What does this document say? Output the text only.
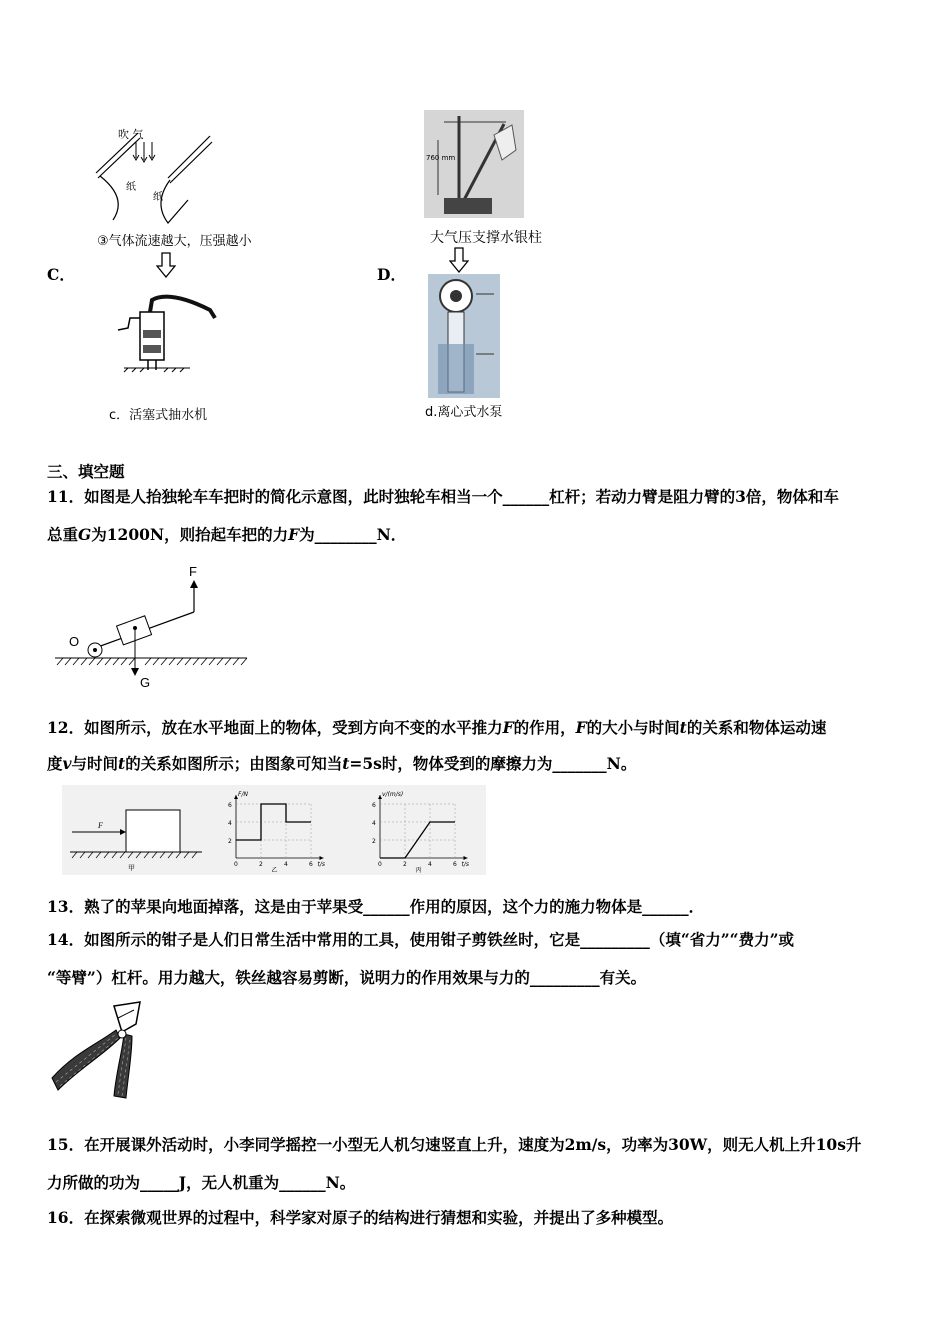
C．	D．
吹 气
纸
纸
③气体流速越大，压强越小
c．活塞式抽水机
760 mm
大气压支撑水银柱
d.离心式水泵
三、填空题
11．如图是人抬独轮车车把时的简化示意图，此时独轮车相当一个______杠杆；若动力臂是阻力臂的3倍，物体和车
总重G为1200N，则抬起车把的力F为________N．
F
G
O
12．如图所示，放在水平地面上的物体，受到方向不变的水平推力F的作用，F的大小与时间t的关系和物体运动速
度v与时间t的关系如图所示；由图象可知当t=5s时，物体受到的摩擦力为_______N。
F
甲
6
4
2
0	2	4	6
F/N
t/s
乙
6
4
2
0	2	4	6
v/(m/s)
t/s
丙
13．熟了的苹果向地面掉落，这是由于苹果受______作用的原因，这个力的施力物体是______．
14．如图所示的钳子是人们日常生活中常用的工具，使用钳子剪铁丝时，它是_________（填“省力”“费力”或
“等臂”）杠杆。用力越大，铁丝越容易剪断，说明力的作用效果与力的_________有关。
15．在开展课外活动时，小李同学摇控一小型无人机匀速竖直上升，速度为2m/s，功率为30W，则无人机上升10s升
力所做的功为_____J，无人机重为______N。
16．在探索微观世界的过程中，科学家对原子的结构进行猜想和实验，并提出了多种模型。
